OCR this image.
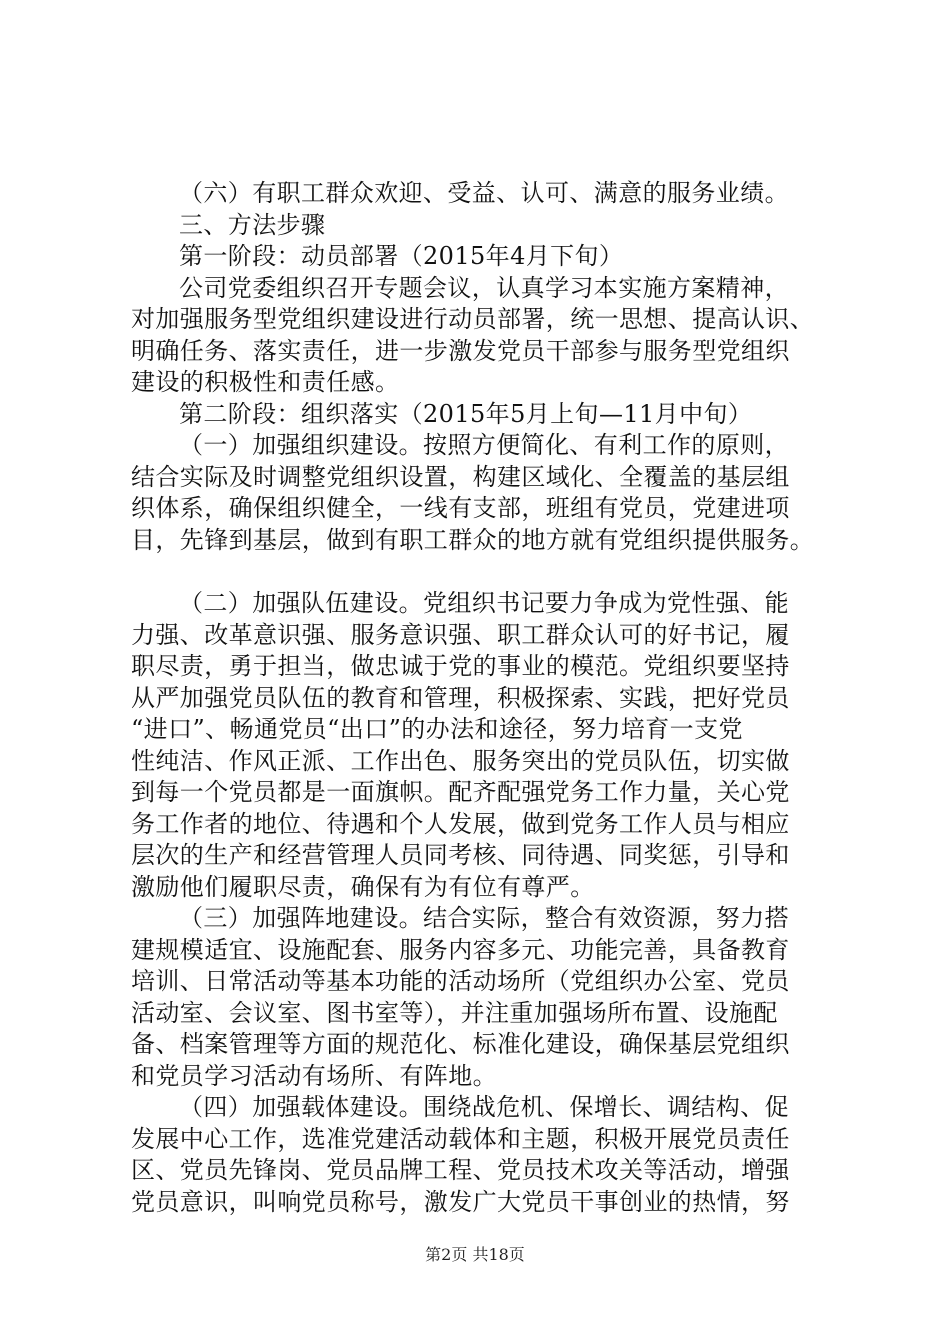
（六）有职工群众欢迎、受益、认可、满意的服务业绩。
三、方法步骤
第一阶段：动员部署（2015年4月下旬）
公司党委组织召开专题会议，认真学习本实施方案精神，
对加强服务型党组织建设进行动员部署，统一思想、提高认识、
明确任务、落实责任，进一步激发党员干部参与服务型党组织
建设的积极性和责任感。
第二阶段：组织落实（2015年5月上旬—11月中旬）
（一）加强组织建设。按照方便简化、有利工作的原则，
结合实际及时调整党组织设置，构建区域化、全覆盖的基层组
织体系，确保组织健全，一线有支部，班组有党员，党建进项
目，先锋到基层，做到有职工群众的地方就有党组织提供服务。
（二）加强队伍建设。党组织书记要力争成为党性强、能
力强、改革意识强、服务意识强、职工群众认可的好书记，履
职尽责，勇于担当，做忠诚于党的事业的模范。党组织要坚持
从严加强党员队伍的教育和管理，积极探索、实践，把好党员
“进口”、畅通党员“出口”的办法和途径，努力培育一支党
性纯洁、作风正派、工作出色、服务突出的党员队伍，切实做
到每一个党员都是一面旗帜。配齐配强党务工作力量，关心党
务工作者的地位、待遇和个人发展，做到党务工作人员与相应
层次的生产和经营管理人员同考核、同待遇、同奖惩，引导和
激励他们履职尽责，确保有为有位有尊严。
（三）加强阵地建设。结合实际，整合有效资源，努力搭
建规模适宜、设施配套、服务内容多元、功能完善，具备教育
培训、日常活动等基本功能的活动场所（党组织办公室、党员
活动室、会议室、图书室等），并注重加强场所布置、设施配
备、档案管理等方面的规范化、标准化建设，确保基层党组织
和党员学习活动有场所、有阵地。
（四）加强载体建设。围绕战危机、保增长、调结构、促
发展中心工作，选准党建活动载体和主题，积极开展党员责任
区、党员先锋岗、党员品牌工程、党员技术攻关等活动，增强
党员意识，叫响党员称号，激发广大党员干事创业的热情，努
第2页 共18页
